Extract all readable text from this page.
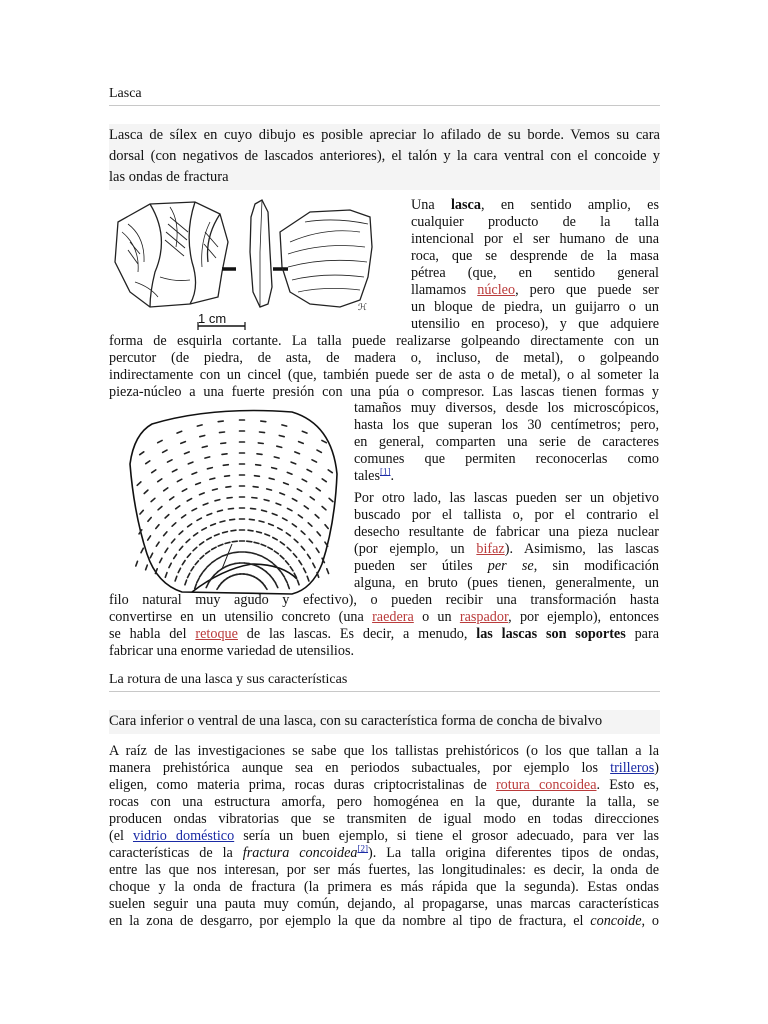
Lasca
Lasca de sílex en cuyo dibujo es posible apreciar lo afilado de su borde. Vemos su cara
dorsal (con negativos de lascados anteriores), el talón y la cara ventral con el concoide y
las ondas de fractura
ℋ
1 cm
Una lasca, en sentido amplio, es
cualquier producto de la talla
intencional por el ser humano de una
roca, que se desprende de la masa
pétrea (que, en sentido general
llamamos núcleo, pero que puede ser
un bloque de piedra, un guijarro o un
utensilio en proceso), y que adquiere
forma de esquirla cortante. La talla puede realizarse golpeando directamente con un
percutor (de piedra, de asta, de madera o, incluso, de metal), o golpeando
indirectamente con un cincel (que, también puede ser de asta o de metal), o al someter la
pieza-núcleo a una fuerte presión con una púa o compresor. Las lascas tienen formas y
tamaños muy diversos, desde los microscópicos,
hasta los que superan los 30 centímetros; pero,
en general, comparten una serie de caracteres
comunes que permiten reconocerlas como
tales[1].
Por otro lado, las lascas pueden ser un objetivo
buscado por el tallista o, por el contrario el
desecho resultante de fabricar una pieza nuclear
(por ejemplo, un bifaz). Asimismo, las lascas
pueden ser útiles per se, sin modificación
alguna, en bruto (pues tienen, generalmente, un
filo natural muy agudo y efectivo), o pueden recibir una transformación hasta
convertirse en un utensilio concreto (una raedera o un raspador, por ejemplo), entonces
se habla del retoque de las lascas. Es decir, a menudo, las lascas son soportes para
fabricar una enorme variedad de utensilios.
La rotura de una lasca y sus características
Cara inferior o ventral de una lasca, con su característica forma de concha de bivalvo
A raíz de las investigaciones se sabe que los tallistas prehistóricos (o los que tallan a la
manera prehistórica aunque sea en periodos subactuales, por ejemplo los trilleros)
eligen, como materia prima, rocas duras criptocristalinas de rotura concoidea. Esto es,
rocas con una estructura amorfa, pero homogénea en la que, durante la talla, se
producen ondas vibratorias que se transmiten de igual modo en todas direcciones
(el vidrio doméstico sería un buen ejemplo, si tiene el grosor adecuado, para ver las
características de la fractura concoidea[2]). La talla origina diferentes tipos de ondas,
entre las que nos interesan, por ser más fuertes, las longitudinales: es decir, la onda de
choque y la onda de fractura (la primera es más rápida que la segunda). Estas ondas
suelen seguir una pauta muy común, dejando, al propagarse, unas marcas características
en la zona de desgarro, por ejemplo la que da nombre al tipo de fractura, el concoide, o
